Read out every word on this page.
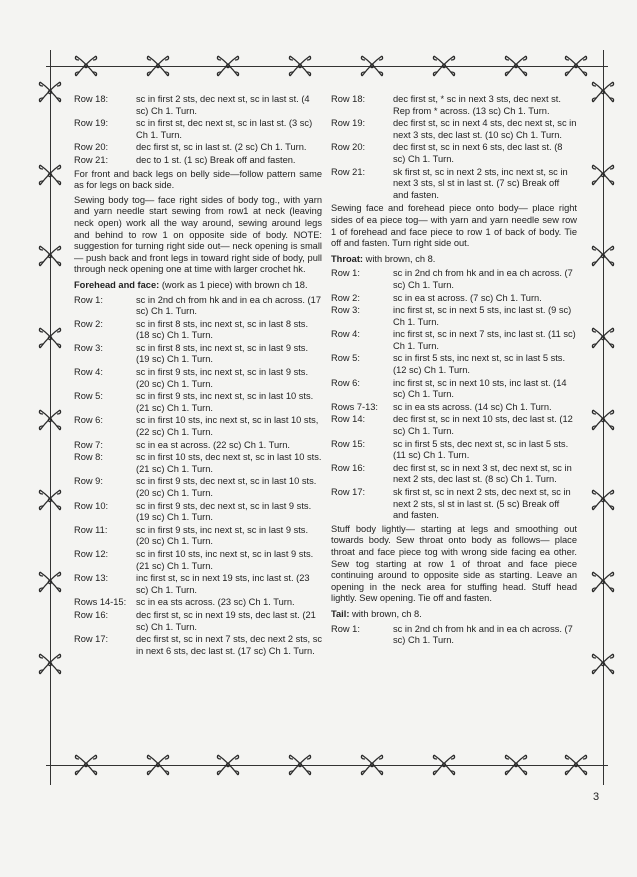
Row 18:	sc in first 2 sts, dec next st, sc in last st. (4 sc) Ch 1. Turn.
Row 19:	sc in first st, dec next st, sc in last st. (3 sc) Ch 1. Turn.
Row 20:	dec first st, sc in last st. (2 sc) Ch 1. Turn.
Row 21:	dec to 1 st. (1 sc) Break off and fasten.
For front and back legs on belly side—follow pattern same as for legs on back side.
Sewing body tog— face right sides of body tog., with yarn and yarn needle start sewing from row1 at neck (leaving neck open) work all the way around, sewing around legs and behind to row 1 on opposite side of body. NOTE: suggestion for turning right side out— neck opening is small— push back and front legs in toward right side of body, pull through neck opening one at time with larger crochet hk.
Forehead and face: (work as 1 piece) with brown ch 18.
Row 1:	sc in 2nd ch from hk and in ea ch across. (17 sc) Ch 1. Turn.
Row 2:	sc in first 8 sts, inc next st, sc in last 8 sts. (18 sc) Ch 1. Turn.
Row 3:	sc in first 8 sts, inc next st, sc in last 9 sts. (19 sc) Ch 1. Turn.
Row 4:	sc in first 9 sts, inc next st, sc in last 9 sts. (20 sc) Ch 1. Turn.
Row 5:	sc in first 9 sts, inc next st, sc in last 10 sts. (21 sc) Ch 1. Turn.
Row 6:	sc in first 10 sts, inc next st, sc in last 10 sts, (22 sc) Ch 1. Turn.
Row 7:	sc in ea st across. (22 sc) Ch 1. Turn.
Row 8:	sc in first 10 sts, dec next st, sc in last 10 sts. (21 sc) Ch 1. Turn.
Row 9:	sc in first 9 sts, dec next st, sc in last 10 sts. (20 sc) Ch 1. Turn.
Row 10:	sc in first 9 sts, dec next st, sc in last 9 sts. (19 sc) Ch 1. Turn.
Row 11:	sc in first 9 sts, inc next st, sc in last 9 sts. (20 sc) Ch 1. Turn.
Row 12:	sc in first 10 sts, inc next st, sc in last 9 sts. (21 sc) Ch 1. Turn.
Row 13:	inc first st, sc in next 19 sts, inc last st. (23 sc) Ch 1. Turn.
Rows 14-15:	sc in ea sts across. (23 sc) Ch 1. Turn.
Row 16:	dec first st, sc in next 19 sts, dec last st. (21 sc) Ch 1. Turn.
Row 17:	dec first st, sc in next 7 sts, dec next 2 sts, sc in next 6 sts, dec last st. (17 sc) Ch 1. Turn.
Row 18:	dec first st, * sc in next 3 sts, dec next st. Rep from * across. (13 sc) Ch 1. Turn.
Row 19:	dec first st, sc in next 4 sts, dec next st, sc in next 3 sts, dec last st. (10 sc) Ch 1. Turn.
Row 20:	dec first st, sc in next 6 sts, dec last st. (8 sc) Ch 1. Turn.
Row 21:	sk first st, sc in next 2 sts, inc next st, sc in next 3 sts, sl st in last st. (7 sc) Break off and fasten.
Sewing face and forehead piece onto body— place right sides of ea piece tog— with yarn and yarn needle sew row 1 of forehead and face piece to row 1 of back of body. Tie off and fasten. Turn right side out.
Throat: with brown, ch 8.
Row 1:	sc in 2nd ch from hk and in ea ch across. (7 sc) Ch 1. Turn.
Row 2:	sc in ea st across. (7 sc) Ch 1. Turn.
Row 3:	inc first st, sc in next 5 sts, inc last st. (9 sc) Ch 1. Turn.
Row 4:	inc first st, sc in next 7 sts, inc last st. (11 sc) Ch 1. Turn.
Row 5:	sc in first 5 sts, inc next st, sc in last 5 sts. (12 sc) Ch 1. Turn.
Row 6:	inc first st, sc in next 10 sts, inc last st. (14 sc) Ch 1. Turn.
Rows 7-13:	sc in ea sts across. (14 sc) Ch 1. Turn.
Row 14:	dec first st, sc in next 10 sts, dec last st. (12 sc) Ch 1. Turn.
Row 15:	sc in first 5 sts, dec next st, sc in last 5 sts. (11 sc) Ch 1. Turn.
Row 16:	dec first st, sc in next 3 st, dec next st, sc in next 2 sts, dec last st. (8 sc) Ch 1. Turn.
Row 17:	sk first st, sc in next 2 sts, dec next st, sc in next 2 sts, sl st in last st. (5 sc) Break off and fasten.
Stuff body lightly— starting at legs and smoothing out towards body. Sew throat onto body as follows— place throat and face piece tog with wrong side facing ea other. Sew tog starting at row 1 of throat and face piece continuing around to opposite side as starting. Leave an opening in the neck area for stuffing head. Stuff head lightly. Sew opening. Tie off and fasten.
Tail: with brown, ch 8.
Row 1:	sc in 2nd ch from hk and in ea ch across. (7 sc) Ch 1. Turn.
3
